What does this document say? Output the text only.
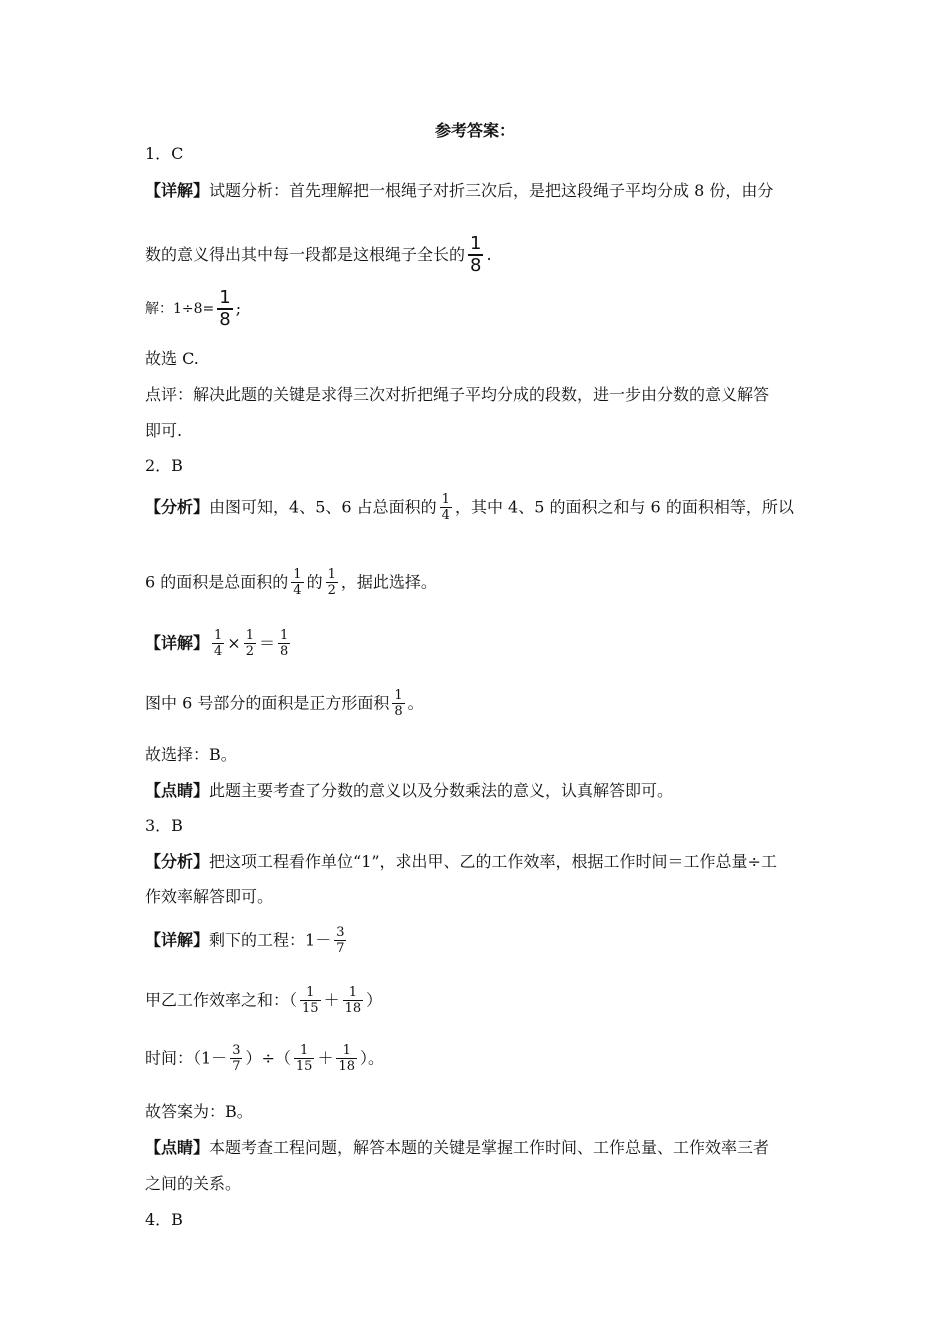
参考答案：
1．C
【详解】试题分析：首先理解把一根绳子对折三次后，是把这段绳子平均分成 8 份，由分
数的意义得出其中每一段都是这根绳子全长的 $\frac{1}{8}$ .
解：$1\div 8= \frac{1}{8}$ ;
故选 C.
点评：解决此题的关键是求得三次对折把绳子平均分成的段数，进一步由分数的意义解答
即可.
2．B
【分析】由图可知，4、5、6 占总面积的 $\frac{1}{4}$ ，其中 4、5 的面积之和与 6 的面积相等，所以
6 的面积是总面积的 $\frac{1}{4}$ 的 $\frac{1}{2}$ ，据此选择。
【详解】 $\frac{1}{4} \times \frac{1}{2} = \frac{1}{8}$
图中 6 号部分的面积是正方形面积 $\frac{1}{8}$ 。
故选择：B。
【点睛】此题主要考查了分数的意义以及分数乘法的意义，认真解答即可。
3．B
【分析】把这项工程看作单位“1”，求出甲、乙的工作效率，根据工作时间＝工作总量÷工
作效率解答即可。
【详解】剩下的工程：$1- \frac{3}{7}$
甲乙工作效率之和：（ $\frac{1}{15} + \frac{1}{18}$ ）
时间：（$1- \frac{3}{7}$ ）÷（ $\frac{1}{15} + \frac{1}{18}$ ）。
故答案为：B。
【点睛】本题考查工程问题，解答本题的关键是掌握工作时间、工作总量、工作效率三者
之间的关系。
4．B
